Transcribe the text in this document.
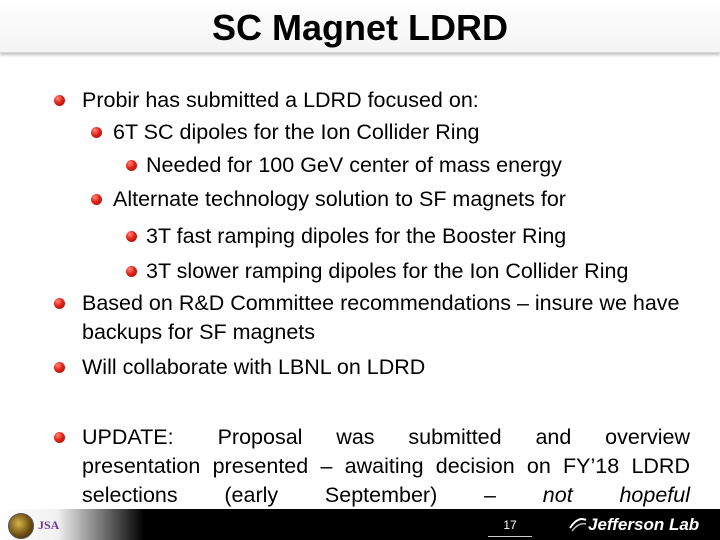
SC Magnet LDRD
Probir has submitted a LDRD focused on:
6T SC dipoles for the Ion Collider Ring
Needed for 100 GeV center of mass energy
Alternate technology solution to SF magnets for
3T fast ramping dipoles for the Booster Ring
3T slower ramping dipoles for the Ion Collider Ring
Based on R&D Committee recommendations – insure we have backups for SF magnets
Will collaborate with LBNL on LDRD
UPDATE: Proposal was submitted and overview presentation presented – awaiting decision on FY’18 LDRD selections (early September) – not hopeful
JSA	17	Jefferson Lab
